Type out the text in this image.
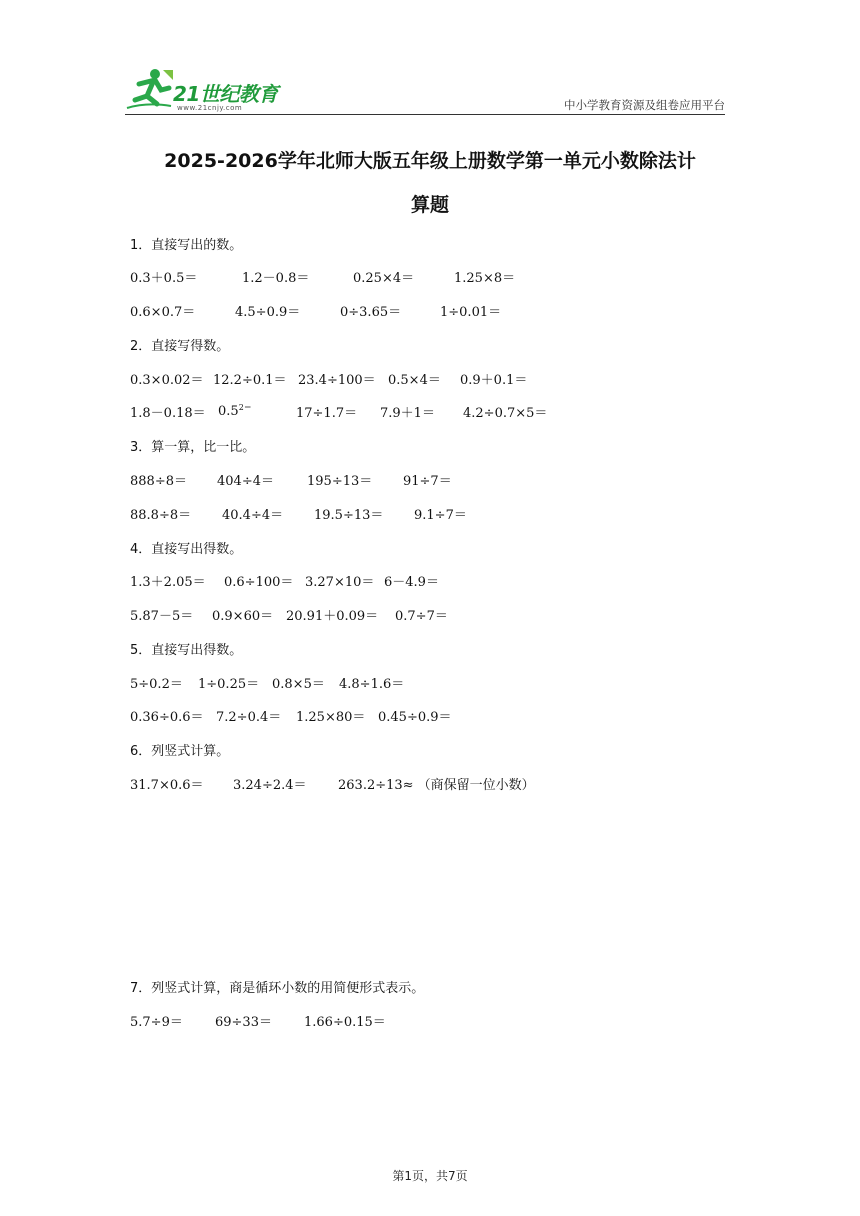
21世纪教育
www.21cnjy.com	中小学教育资源及组卷应用平台
2025-2026学年北师大版五年级上册数学第一单元小数除法计
算题
1．直接写出的数。
0.3＋0.5＝	1.2－0.8＝	0.25×4＝	1.25×8＝
0.6×0.7＝	4.5÷0.9＝	0÷3.65＝	1÷0.01＝
2．直接写得数。
0.3×0.02＝ 12.2÷0.1＝ 23.4÷100＝ 0.5×4＝ 0.9＋0.1＝
$1.8-0.18= 0.5^{2=}$	17÷1.7＝ 7.9＋1＝ 4.2÷0.7×5＝
3．算一算，比一比。
888÷8＝ 404÷4＝	195÷13＝ 91÷7＝
88.8÷8＝ 40.4÷4＝ 19.5÷13＝ 9.1÷7＝
4．直接写出得数。
1.3＋2.05＝ 0.6÷100＝ 3.27×10＝ 6－4.9＝
5.87－5＝ 0.9×60＝ 20.91＋0.09＝ 0.7÷7＝
5．直接写出得数。
5÷0.2＝ 1÷0.25＝ 0.8×5＝ 4.8÷1.6＝
0.36÷0.6＝ 7.2÷0.4＝ 1.25×80＝ 0.45÷0.9＝
6．列竖式计算。
31.7×0.6＝ 3.24÷2.4＝ 263.2÷13≈ （商保留一位小数）
7．列竖式计算，商是循环小数的用简便形式表示。
5.7÷9＝ 69÷33＝ 1.66÷0.15＝
第1页，共7页
